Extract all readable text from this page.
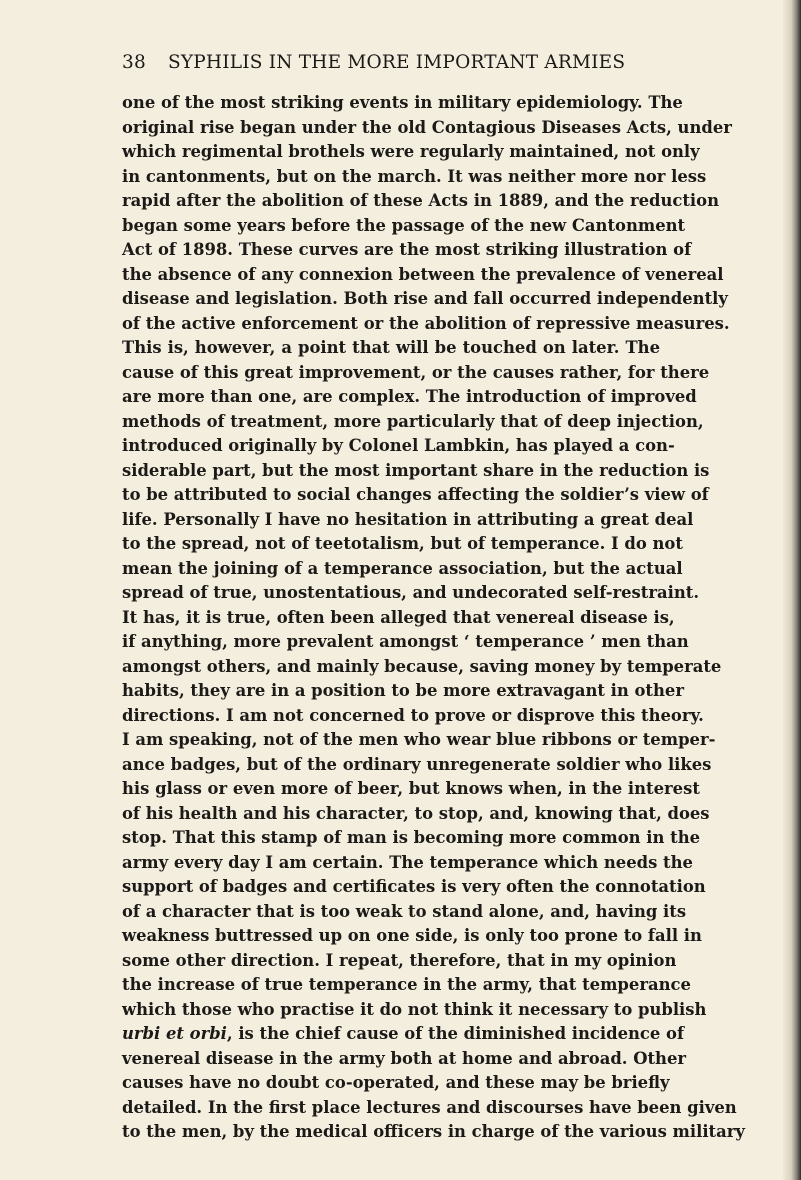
38 SYPHILIS IN THE MORE IMPORTANT ARMIES
one of the most striking events in military epidemiology. The
original rise began under the old Contagious Diseases Acts, under
which regimental brothels were regularly maintained, not only
in cantonments, but on the march. It was neither more nor less
rapid after the abolition of these Acts in 1889, and the reduction
began some years before the passage of the new Cantonment
Act of 1898. These curves are the most striking illustration of
the absence of any connexion between the prevalence of venereal
disease and legislation. Both rise and fall occurred independently
of the active enforcement or the abolition of repressive measures.
This is, however, a point that will be touched on later. The
cause of this great improvement, or the causes rather, for there
are more than one, are complex. The introduction of improved
methods of treatment, more particularly that of deep injection,
introduced originally by Colonel Lambkin, has played a con-
siderable part, but the most important share in the reduction is
to be attributed to social changes affecting the soldier’s view of
life. Personally I have no hesitation in attributing a great deal
to the spread, not of teetotalism, but of temperance. I do not
mean the joining of a temperance association, but the actual
spread of true, unostentatious, and undecorated self-restraint.
It has, it is true, often been alleged that venereal disease is,
if anything, more prevalent amongst ‘ temperance ’ men than
amongst others, and mainly because, saving money by temperate
habits, they are in a position to be more extravagant in other
directions. I am not concerned to prove or disprove this theory.
I am speaking, not of the men who wear blue ribbons or temper-
ance badges, but of the ordinary unregenerate soldier who likes
his glass or even more of beer, but knows when, in the interest
of his health and his character, to stop, and, knowing that, does
stop. That this stamp of man is becoming more common in the
army every day I am certain. The temperance which needs the
support of badges and certificates is very often the connotation
of a character that is too weak to stand alone, and, having its
weakness buttressed up on one side, is only too prone to fall in
some other direction. I repeat, therefore, that in my opinion
the increase of true temperance in the army, that temperance
which those who practise it do not think it necessary to publish
urbi et orbi, is the chief cause of the diminished incidence of
venereal disease in the army both at home and abroad. Other
causes have no doubt co-operated, and these may be briefly
detailed. In the first place lectures and discourses have been given
to the men, by the medical officers in charge of the various military
